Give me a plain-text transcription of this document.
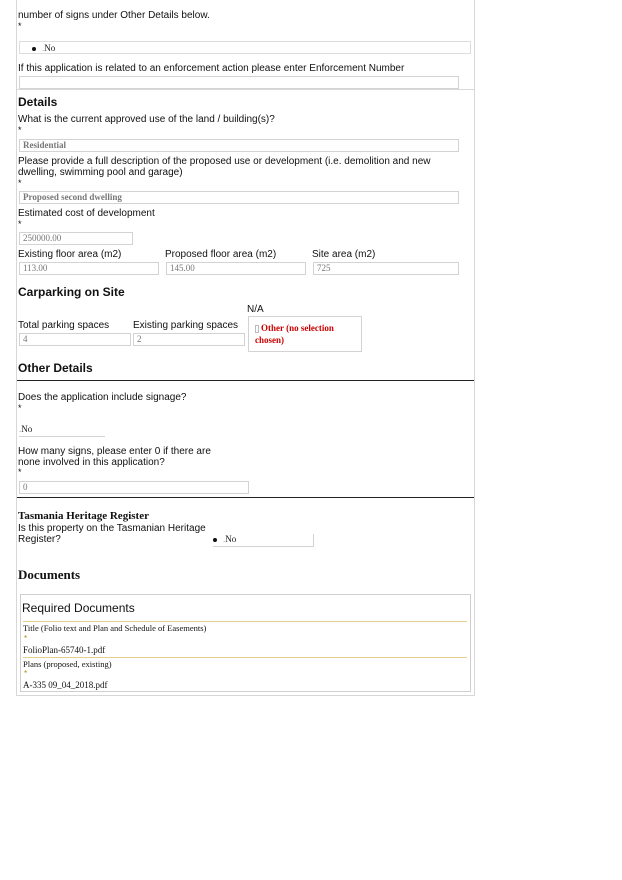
number of signs under Other Details below.
*
.No
If this application is related to an enforcement action please enter Enforcement Number
Details
What is the current approved use of the land / building(s)?
*
Residential
Please provide a full description of the proposed use or development (i.e. demolition and new dwelling, swimming pool and garage)
*
Proposed second dwelling
Estimated cost of development
*
250000.00
Existing floor area (m2)	Proposed floor area (m2)	Site area (m2)
113.00	145.00	725
Carparking on Site
N/A
Total parking spaces Existing parking spaces
4	2
Other (no selection chosen)
Other Details
Does the application include signage?
*
.No
How many signs, please enter 0 if there are none involved in this application?
*
0
Tasmania Heritage Register
Is this property on the Tasmanian Heritage Register?	.No
Documents
Required Documents
Title (Folio text and Plan and Schedule of Easements)
*
FolioPlan-65740-1.pdf
Plans (proposed, existing)
*
A-335 09_04_2018.pdf
